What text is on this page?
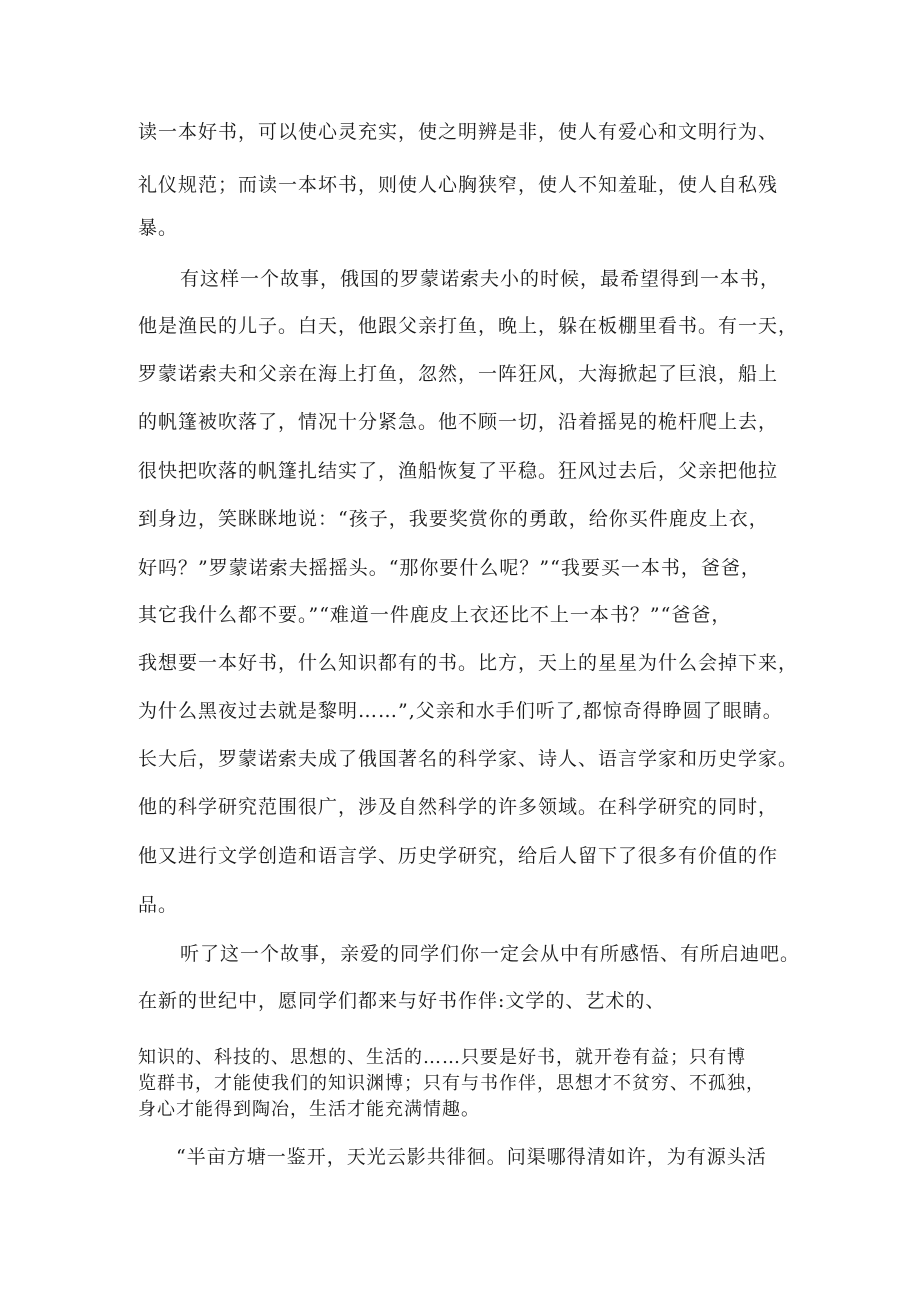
读一本好书，可以使心灵充实，使之明辨是非，使人有爱心和文明行为、
礼仪规范；而读一本坏书，则使人心胸狭窄，使人不知羞耻，使人自私残
暴。
有这样一个故事，俄国的罗蒙诺索夫小的时候，最希望得到一本书，
他是渔民的儿子。白天，他跟父亲打鱼，晚上，躲在板棚里看书。有一天，
罗蒙诺索夫和父亲在海上打鱼，忽然，一阵狂风，大海掀起了巨浪，船上
的帆篷被吹落了，情况十分紧急。他不顾一切，沿着摇晃的桅杆爬上去，
很快把吹落的帆篷扎结实了，渔船恢复了平稳。狂风过去后，父亲把他拉
到身边，笑眯眯地说：“孩子，我要奖赏你的勇敢，给你买件鹿皮上衣，
好吗？”罗蒙诺索夫摇摇头。“那你要什么呢？”“我要买一本书，爸爸，
其它我什么都不要。”“难道一件鹿皮上衣还比不上一本书？”“爸爸，
我想要一本好书，什么知识都有的书。比方，天上的星星为什么会掉下来，
为什么黑夜过去就是黎明……”,父亲和水手们听了,都惊奇得睁圆了眼睛。
长大后，罗蒙诺索夫成了俄国著名的科学家、诗人、语言学家和历史学家。
他的科学研究范围很广，涉及自然科学的许多领域。在科学研究的同时，
他又进行文学创造和语言学、历史学研究，给后人留下了很多有价值的作
品。
听了这一个故事，亲爱的同学们你一定会从中有所感悟、有所启迪吧。
在新的世纪中，愿同学们都来与好书作伴:文学的、艺术的、
知识的、科技的、思想的、生活的……只要是好书，就开卷有益；只有博
览群书，才能使我们的知识渊博；只有与书作伴，思想才不贫穷、不孤独，
身心才能得到陶冶，生活才能充满情趣。
“半亩方塘一鉴开，天光云影共徘徊。问渠哪得清如许，为有源头活
